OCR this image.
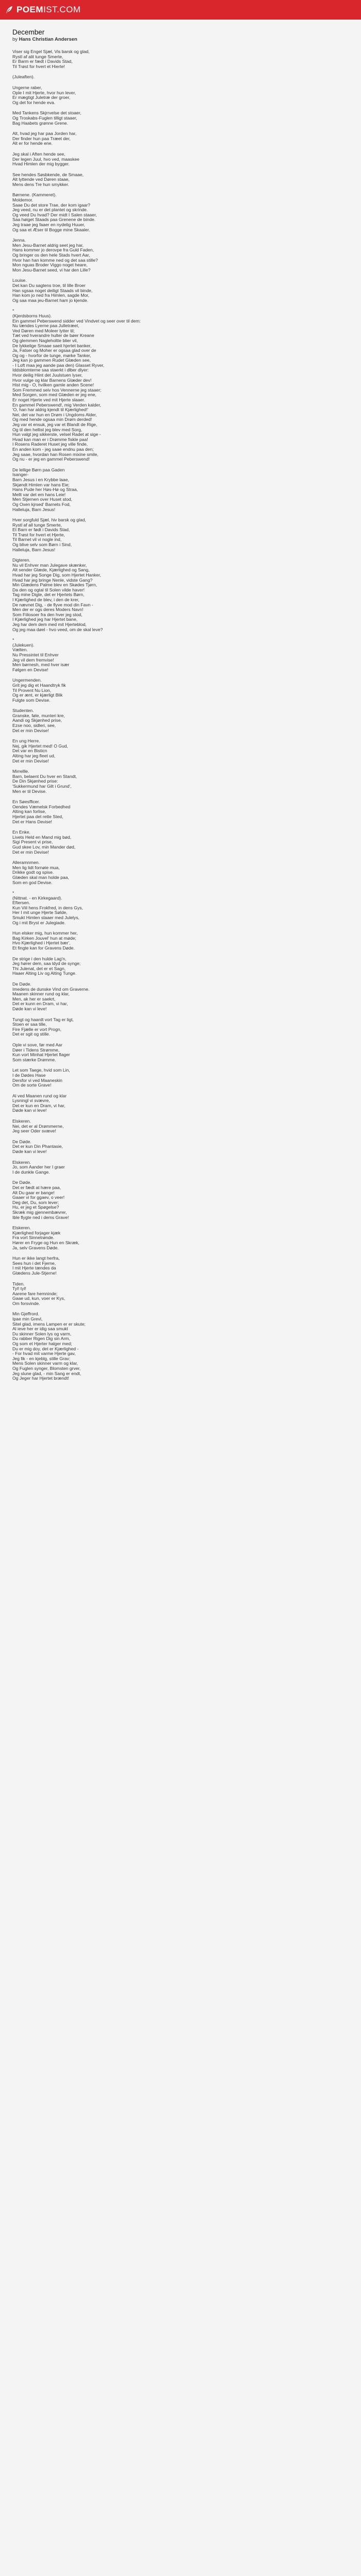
POEM IST.COM
December
by Hans Christian Andersen
Viser sig Engel Sjæl, Vis barsk og glad,
Rystl af alit tunge Smerte,
Er Barm er fædt i Davids Stad,
Til Trøst for hvert et Hierte!
(Juleaften).
Ungerne raber,
Ople I mit Hjerte, hvor hun lever,
Er mægtigt Juletræ der groer,
Og det for hende eva.
Med Tankens Skjrrvelse det stoaer,
Og Troskabs-Fuglen tilligt staaer,
Bag Haabets grønne Grene.
Alt, hvad jeg har paa Jorden har,
Der finder hun paa Træet der,
Alt er for hende ene.
Jeg skal i Aften hende see,
Der legen Juul, hvo ved, maaskee
Hvad Himlen der mig bygger.
See hendes Søsbkende, de Smaae,
Alt lyttende ved Døren staae,
Mens dens Tre hun smykker.
Børnene. (Kammeret).
Moldemor.
Saae Du det store Trae, der kom igaar?
Jeg veed, nu er det plantet og skrinde.
Og veed Du hvad? Der midt I Salen staaer,
Saa høiget Staads paa Grenene de binde.
Jeg traae jeg faaer en nydelig Huuer,
Og saa et Æser til Bogge mine Skaaler.
Jenna.
Men Jesu-Barnet aldrig seet jeg har,
Hans kommer jo derovpe fra Guld Faden,
Og bringer os den hele Stads hvert Aar,
Hvor han han komme ned og det saa stille?
Mon nguas Broder Viggo noget heare,
Mon Jesu-Barnet seed, vi har den Lille?
Louise.
Det kan Du sagtens troe, til lille Broer
Han sgsaa noget deiligt Staads vil binde,
Han kom jo ned fra Himlen, sagde Mor,
Og saa maa jeu-Barnet ham jo kjende.
*
(Kjerdsborns Huus).
Ein gammel Peberswend sidder ved Vindvet og seer over til dem:
Nu tændes Lyerne paa Julletræet,
Ved Døren med Moleer lytter til;
Tæt ved hverandre hulter de bøer Kreane
Og glemmen Nagleholtte blier vil,
De lykkelige Smaae saeit hjertet banker,
Ja, Fatser og Moher er ogsaa glad over de
Og og - hvorfor de tunge, mørke Tanker,
Jeg kan jo gammen Rudet Glæden see,
- I Loft maa jeg aande paa den) Glasset Ryver,
Iddsblomterne saa staerkt i dlber dlyer:
Hvor deilig Hiint det Juulstuen lyser,
Hvor vulge og klar Barnens Glæder dev!
Hist mig - O, hvilken gamle anden Scene!
Som Fremmed seiv hos Vennerne jeg staaer;
Med Sorgen, som med Glæden er jeg ene,
Er noget Hjerte ved mit Hjerte slaaer.
En gammel Peberswend!, mig Verden kalder,
'O, han har aldrig kjendt til Kjærlighed!'
Nei, det var hun en Drøm i Ungdoms Alder,
Og med hende ogsaa min Drøm derded!
Jeg var et ensuk, jeg var et Blandt de Rige,
Og til den hellist jeg blev med Sorg,
Hun valgt jeg sikkerste, velsel Radet at sige -
Hvad kan man er i Drømme fiskle paa!
I Rosens Raderet Huset jeg ville finde,
En anden kom - jeg saae endnu paa den;
Jeg saae, hvordan han Rosen mixine smile,
Og nu - er jeg en gammel Peberswend!
De lellige Børn paa Gaden
Isanger-
Barn Jesus i en Krybbe laae,
Skjøndt Himlen var hans Eie;
Hans Pude her Høs-Hø og Straa,
Mellt var det em hans Leie!
Men Stjernen over Huset stod,
Og Oxen kjrsed' Barnets Fod,
Halleluja, Barn Jesus!
Hver sorgfuld Sjæl, hiv barsk og glad,
Rystl af all tunge Smerte,
Et Barn er født i Davids Stad,
Til Trøst for hvert et Hjerte,
Til Barnet vil vi nogle ind,
Og blive selv som Børn i Sind,
Halleluja, Barn Jesus!
Digteren.
Nu vil Enhver man Julegave skænker,
Alt sender Glæde, Kjærlighed og Sang,
Hvad har jeg Songe Dig, som Hjertet Hanker,
Hvad har jeg bringe Nenle, vidste Gang?
Min Glædens Palme blev en Skødes Tjørn,
Da den og ogtal til Solen vilde haver!
Tag mine Digte, det er Hjertets Børn,
I Kjærlighed de blev, i den de krer,
De nævnet Dig, - de flyve mod din Favn -
Men der er ogs deres Moders Navn!
Som Fiilosoer fra den hver jeg stod,
I Kjærlighed jeg har Hjertet bane,
Jeg har dem dem med mit Hjerteblod,
Og jeg maa døel - hvo veed, om de skal leve?
*
(Julekuen).
Vælten.
Nu Pressintet til Enhver
Jeg vil dem fremvise!
Men børnesh, med hver især
Følgen en Devise!
Ungermenden.
Grit jeg dig et Haandtryk fik
Til Provent Nu Lion,
Og er ænt, er kjærligt Blik
Fulgte som Devise.
Studenten.
Granske, føle, munteri kre,
Aandi og Skjønhed prise,
Ezse noo, sidleri, see,
Det er min Devise!
En ung Herre.
Nej, gik Hjertet med! O Gud,
Det var en Bisticn
Alting har jeg fleet ud,
Det er min Devise!
Mirrellle.
Barn, belaent Du hver en Standt,
De Din Skjønhed prise:
'Sukkermund har Gilt i Grund',
Men er til Devise.
En Søesfficer.
Oendes Væmelsk Forbedhed
Alting kan forlise,
Hjertet paa det rette Sted,
Det er Hans Devise!
En Enke.
Livets Held en Mand mig bød,
Sigi Present vi prise,
Gud skee Lov, min Mander død,
Det er min Devise!
Alleramnmen.
Men lig lidt fornøie mua,
Drikke godt og spise.
Glæden skal man holde paa,
Som en god Devise.
*
(Nittnat. - en Kirkegaard).
Eftersen.
Kun Viil hens Frokfred, in dens Gys,
Her I mit unge Hjerte Sølde,
Smukt Himlen staaer med Julelys,
Og i mit Bryst er Julegiade.
Hun elsker mig, hun kommer her,
Bag Kirken Jouvel' hun at møde;
Hvo Kjærlighed i Hjertet bær',
Et fingte kan for Gravens Døde.
De strige i den hulde Lag'n,
Jeg hører dem, saa ldyd de synge;
Thi Julenat, det er et Sagn,
Haaer Alting Liv og Alting Tunge.
De Døde.
Imedens de dunske Vind om Graverne.
Maanen skinner rund og klar,
Men, ak her er saekrt,
Det er kunn en Dram, vi har,
Døde kan vi leve!
Tungt og haardt vort Tag er ligt,
Stoen er saa tille,
Fire Fjælle er vort Progn,
Det er sgit og stille.
Ople vi sove, før med Aar
Døer i Tidens Strømme,
Kun vort Minhat Hjertet flager
Som stærke Drømme.
Let som Taege, hvid som Lin,
I de Dødes Hase
Dersfor vi ved Maaneskin
Om de sorte Grave!
Al ved Maanen rund og klar
Lysningl vi svævre,
Det er kun en Dram, vi har,
Døde kan vi leve!
Elskeren.
Nei, det er al Drømmerne,
Jeg seer Oder svæve!
De Døde.
Det er kun Din Phantasie,
Døde kan vi leve!
Elskeren.
Jo, som Aander her I graer
I de dunkle Gange.
De Døde.
Det er fædt at hære paa,
Alt Du gaar er bange!
Gaaer vi for ggaev, o veer!
Deg det, Du, som lever;
Hu, er jeg et Spøgelse?
Skræk mig gjennembævrer,
Ible flygte ned i dems Grave!
Elskeren.
Kjærlighed forjager kjæk
Fra vort Sinnetrønde.
Hører en Fryge og Hun en Skræk,
Ja, selv Gravens Døde.
Hun er ikke langt herfra,
Sees hun i det Fjerne,
I mit Hjerte tændes da
Glædens Jule-Stjerne!
Tiden.
Tyl! tyl!
Aarene fare hemninde;
Gaae ud, kun, voer er Kys,
Om forsvinde.
Min Gjeffrord.
Ipae min Grevl,
Sitel glad, imens Lampen er er skute;
Al ieve her er idig saa smukt
Du skinner Solen lys og varm,
Du rabber Rigen Dig sin Arm,
Og som et Hjerter halger med;
Du er mig doy, det er Kjærlighed -
- For hvad mit varme Hjerte gav,
Jeg fik - en kjeblg, stille Grav;
Mens Solen skinner varm og klar,
Og Fuglen synger, Blomsten grver,
Jeg slune glad, - min Sang er endt,
Og Jeger har Hjertet brændt!
